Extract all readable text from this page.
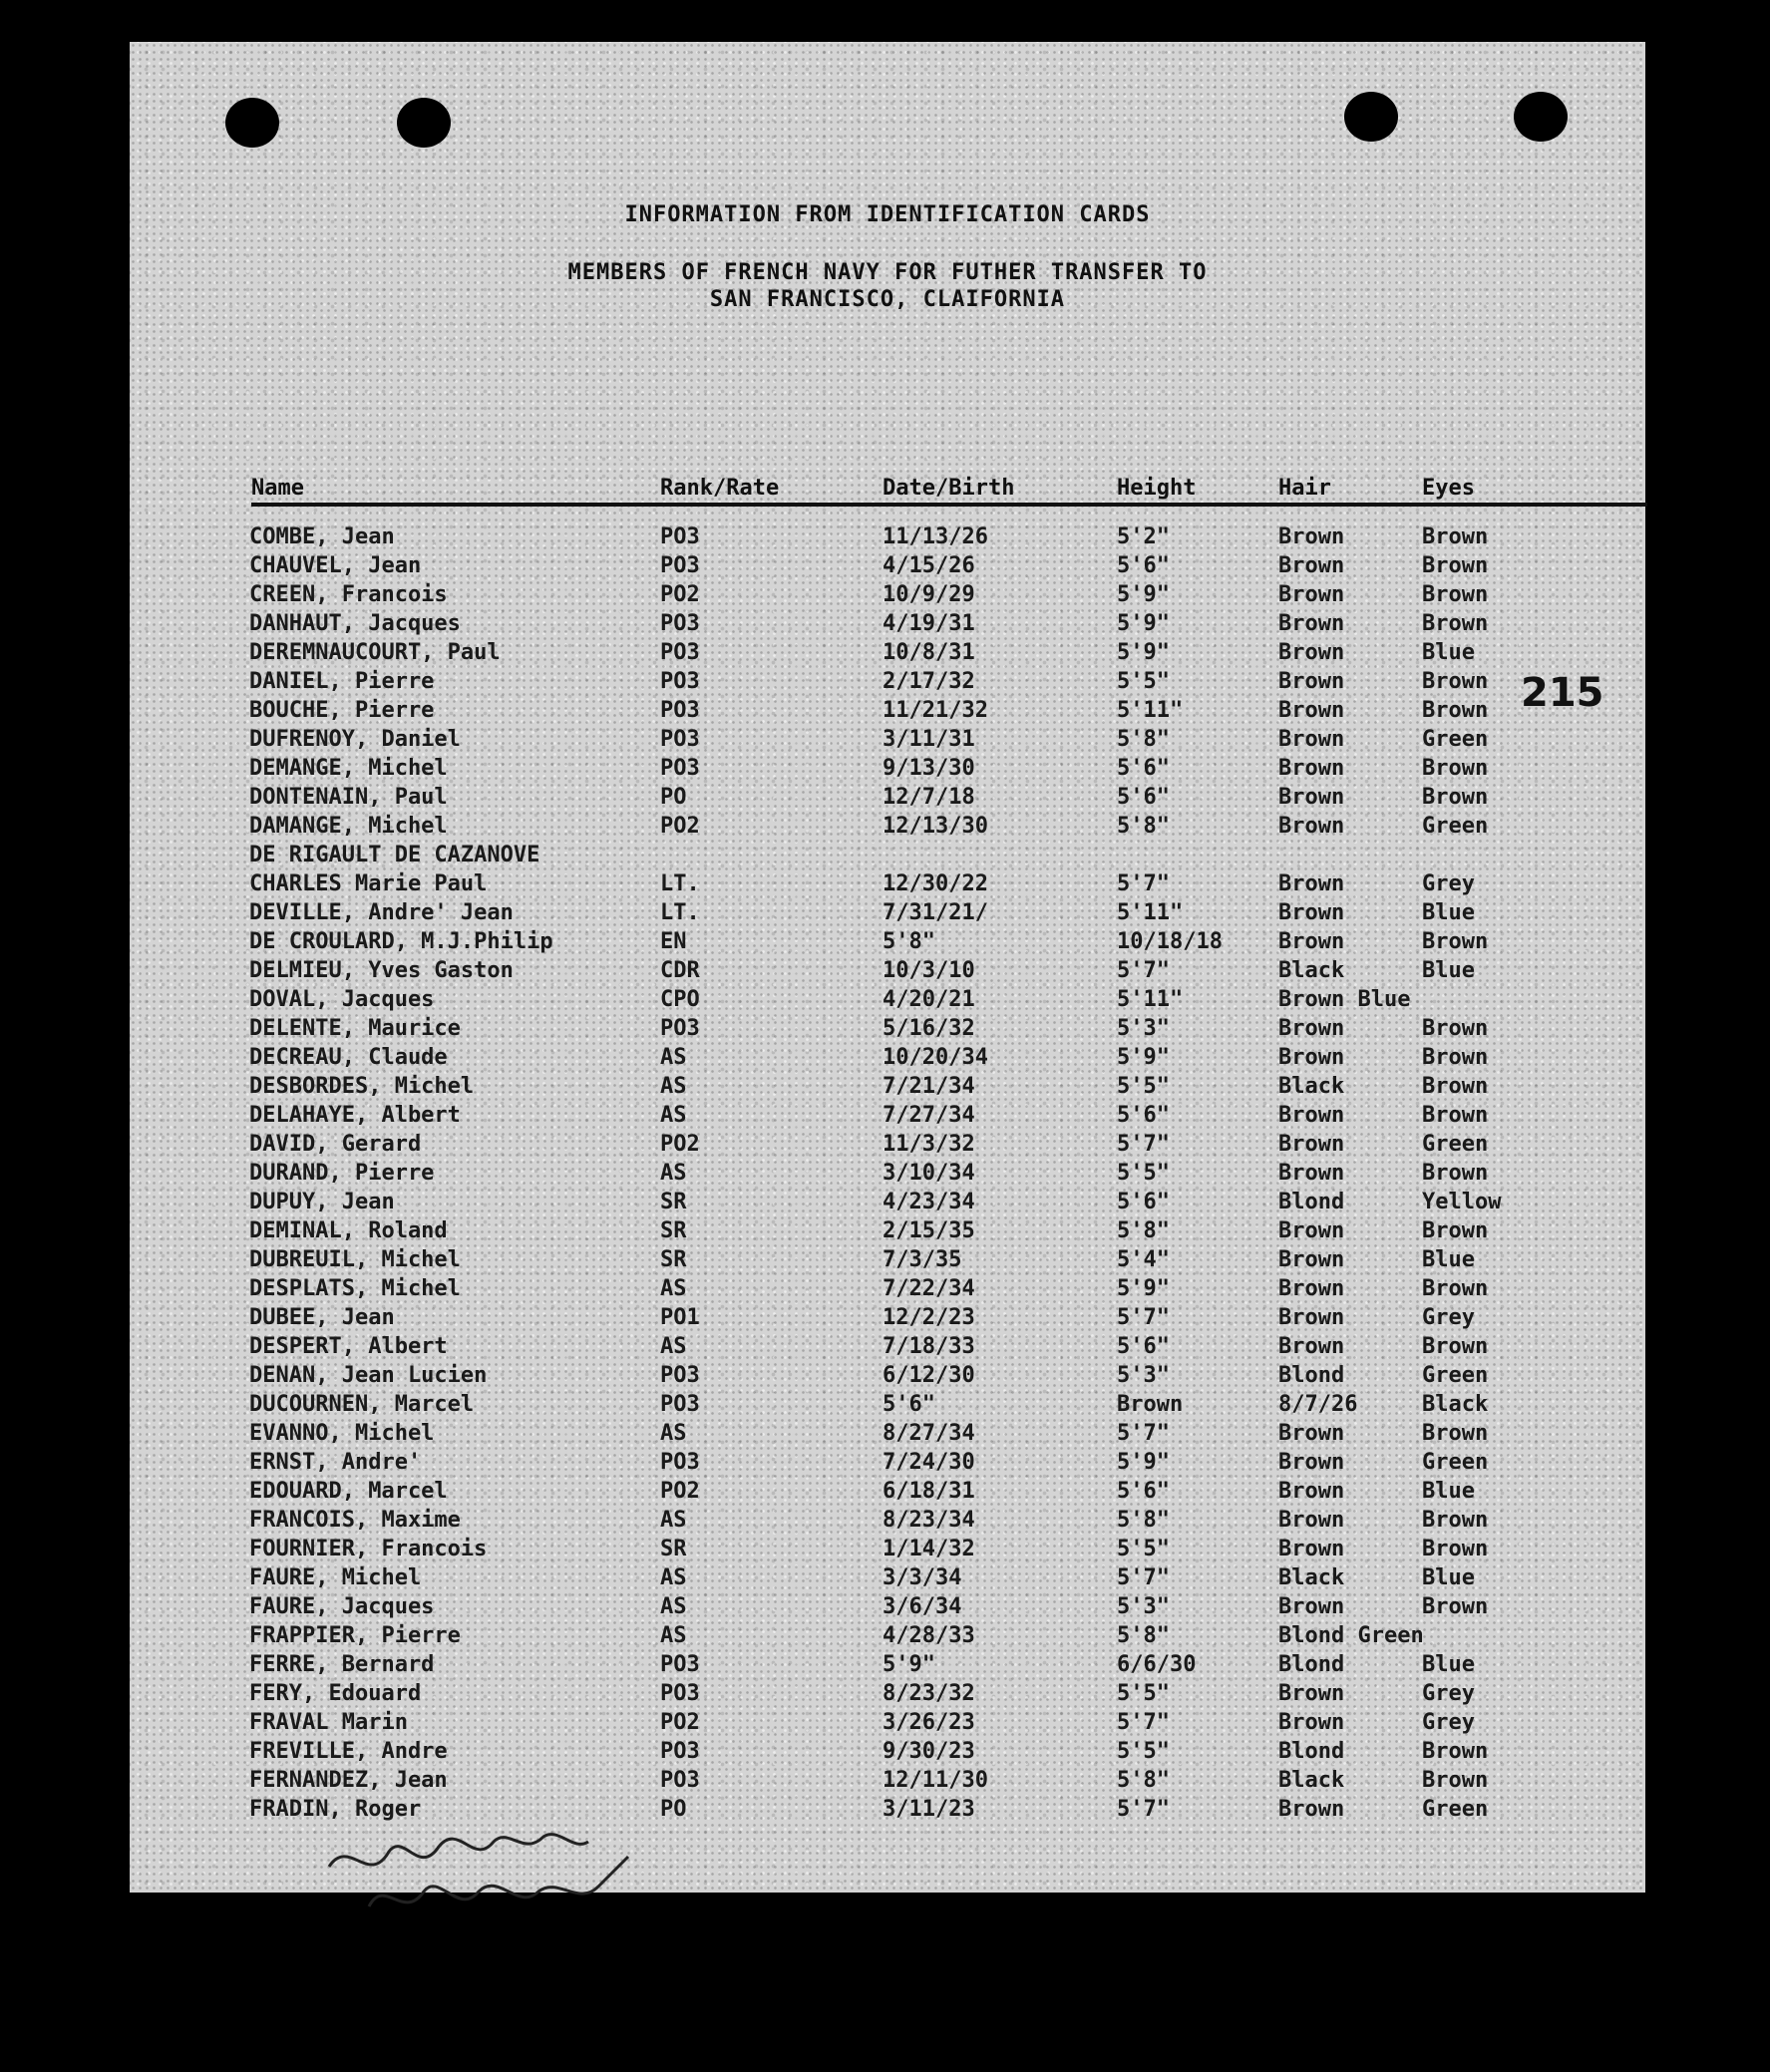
INFORMATION FROM IDENTIFICATION CARDS
MEMBERS OF FRENCH NAVY FOR FUTHER TRANSFER TO
SAN FRANCISCO, CLAIFORNIA
Name	Rank/Rate	Date/Birth	Height	Hair	Eyes
215
COMBE, Jean	PO3	11/13/26	5'2"	Brown	Brown
CHAUVEL, Jean	PO3	4/15/26	5'6"	Brown	Brown
CREEN, Francois	PO2	10/9/29	5'9"	Brown	Brown
DANHAUT, Jacques	PO3	4/19/31	5'9"	Brown	Brown
DEREMNAUCOURT, Paul	PO3	10/8/31	5'9"	Brown	Blue
DANIEL, Pierre	PO3	2/17/32	5'5"	Brown	Brown
BOUCHE, Pierre	PO3	11/21/32	5'11"	Brown	Brown
DUFRENOY, Daniel	PO3	3/11/31	5'8"	Brown	Green
DEMANGE, Michel	PO3	9/13/30	5'6"	Brown	Brown
DONTENAIN, Paul	PO	12/7/18	5'6"	Brown	Brown
DAMANGE, Michel	PO2	12/13/30	5'8"	Brown	Green
DE RIGAULT DE CAZANOVE
CHARLES Marie Paul	LT.	12/30/22	5'7"	Brown	Grey
DEVILLE, Andre' Jean	LT.	7/31/21/	5'11"	Brown	Blue
DE CROULARD, M.J.Philip	EN	5'8"	10/18/18	Brown	Brown
DELMIEU, Yves Gaston	CDR	10/3/10	5'7"	Black	Blue
DOVAL, Jacques	CPO	4/20/21	5'11"	Brown Blue
DELENTE, Maurice	PO3	5/16/32	5'3"	Brown	Brown
DECREAU, Claude	AS	10/20/34	5'9"	Brown	Brown
DESBORDES, Michel	AS	7/21/34	5'5"	Black	Brown
DELAHAYE, Albert	AS	7/27/34	5'6"	Brown	Brown
DAVID, Gerard	PO2	11/3/32	5'7"	Brown	Green
DURAND, Pierre	AS	3/10/34	5'5"	Brown	Brown
DUPUY, Jean	SR	4/23/34	5'6"	Blond	Yellow
DEMINAL, Roland	SR	2/15/35	5'8"	Brown	Brown
DUBREUIL, Michel	SR	7/3/35	5'4"	Brown	Blue
DESPLATS, Michel	AS	7/22/34	5'9"	Brown	Brown
DUBEE, Jean	PO1	12/2/23	5'7"	Brown	Grey
DESPERT, Albert	AS	7/18/33	5'6"	Brown	Brown
DENAN, Jean Lucien	PO3	6/12/30	5'3"	Blond	Green
DUCOURNEN, Marcel	PO3	5'6"	Brown	8/7/26	Black
EVANNO, Michel	AS	8/27/34	5'7"	Brown	Brown
ERNST, Andre'	PO3	7/24/30	5'9"	Brown	Green
EDOUARD, Marcel	PO2	6/18/31	5'6"	Brown	Blue
FRANCOIS, Maxime	AS	8/23/34	5'8"	Brown	Brown
FOURNIER, Francois	SR	1/14/32	5'5"	Brown	Brown
FAURE, Michel	AS	3/3/34	5'7"	Black	Blue
FAURE, Jacques	AS	3/6/34	5'3"	Brown	Brown
FRAPPIER, Pierre	AS	4/28/33	5'8"	Blond Green
FERRE, Bernard	PO3	5'9"	6/6/30	Blond	Blue
FERY, Edouard	PO3	8/23/32	5'5"	Brown	Grey
FRAVAL Marin	PO2	3/26/23	5'7"	Brown	Grey
FREVILLE, Andre	PO3	9/30/23	5'5"	Blond	Brown
FERNANDEZ, Jean	PO3	12/11/30	5'8"	Black	Brown
FRADIN, Roger	PO	3/11/23	5'7"	Brown	Green
